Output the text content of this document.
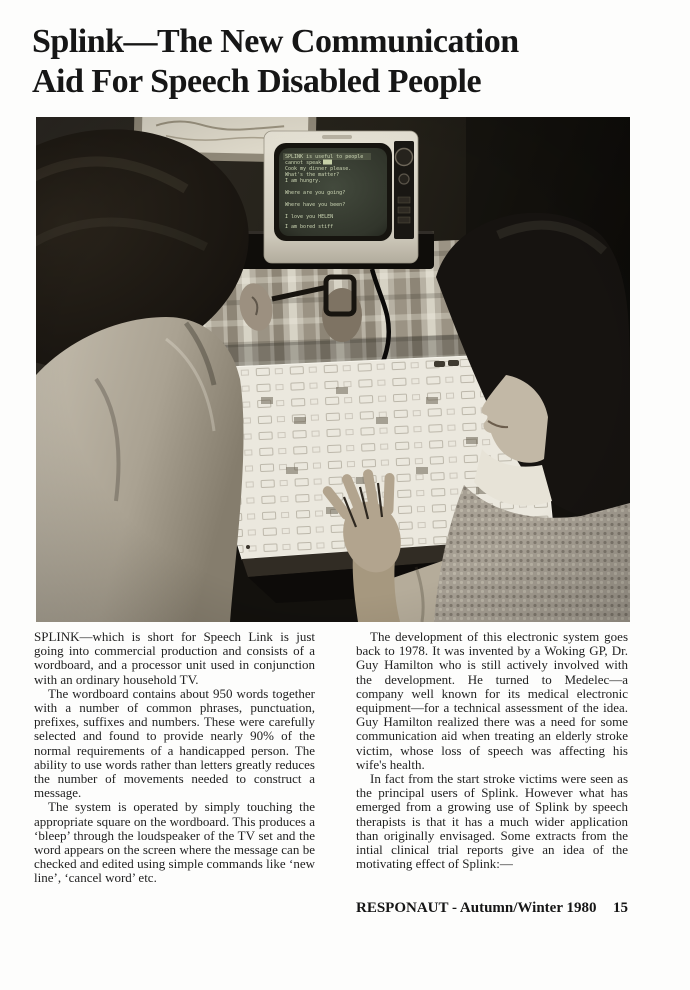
Splink—The New Communication
Aid For Speech Disabled People

SPLINK—which is short for Speech Link is just going into commercial production and consists of a wordboard, and a processor unit used in conjunction with an ordinary household TV.

The wordboard contains about 950 words together with a number of common phrases, punctuation, prefixes, suffixes and numbers. These were carefully selected and found to provide nearly 90% of the normal requirements of a handicapped person. The ability to use words rather than letters greatly reduces the number of movements needed to construct a message.

The system is operated by simply touching the appropriate square on the wordboard. This produces a ‘bleep’ through the loudspeaker of the TV set and the word appears on the screen where the message can be checked and edited using simple commands like ‘new line’, ‘cancel word’ etc.

The development of this electronic system goes back to 1978. It was invented by a Woking GP, Dr. Guy Hamilton who is still actively involved with the development. He turned to Medelec—a company well known for its medical electronic equipment—for a technical assessment of the idea. Guy Hamilton realized there was a need for some communication aid when treating an elderly stroke victim, whose loss of speech was affecting his wife's health.

In fact from the start stroke victims were seen as the principal users of Splink. However what has emerged from a growing use of Splink by speech therapists is that it has a much wider application than originally envisaged. Some extracts from the intial clinical trial reports give an idea of the motivating effect of Splink:—

RESPONAUT - Autumn/Winter 1980 15
